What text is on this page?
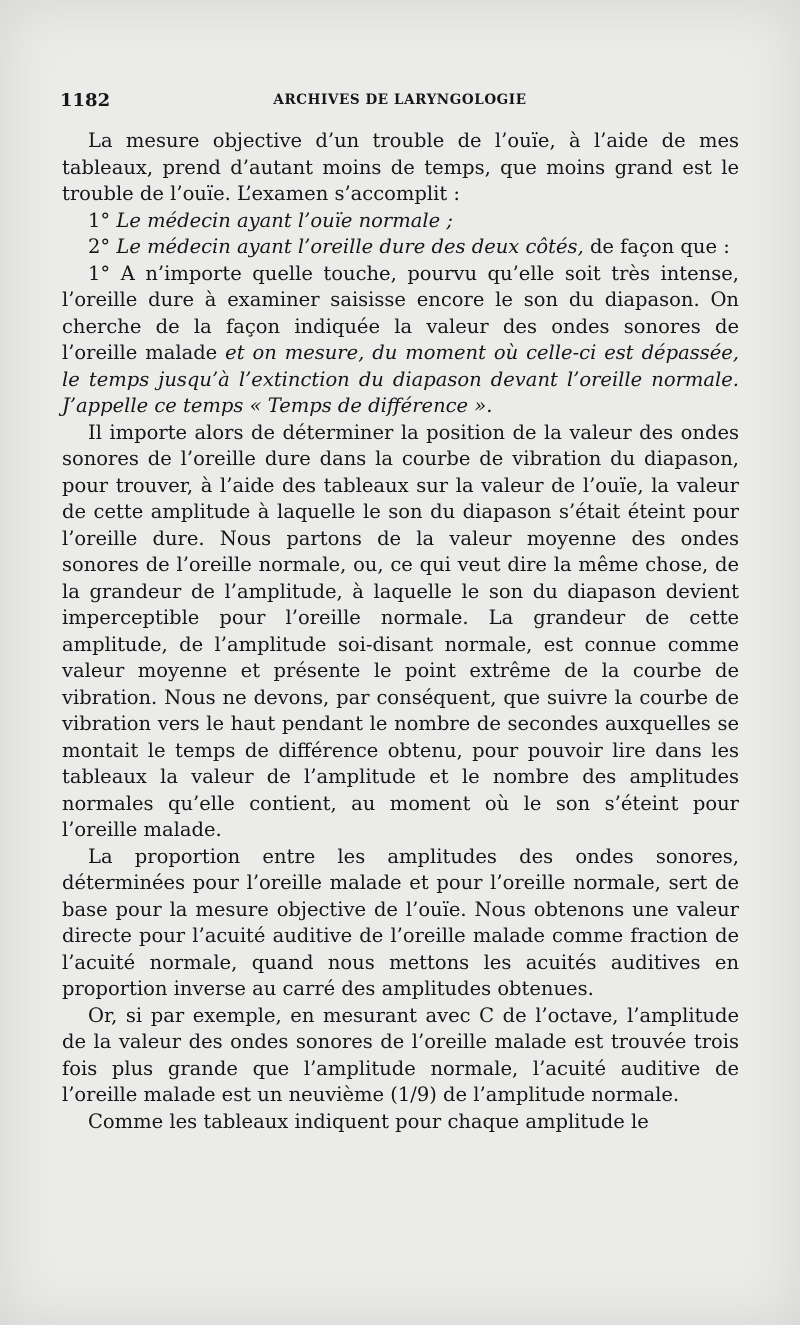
1182	ARCHIVES DE LARYNGOLOGIE

La mesure objective d’un trouble de l’ouïe, à l’aide de mes tableaux, prend d’autant moins de temps, que moins grand est le trouble de l’ouïe. L’examen s’accomplit :

1° Le médecin ayant l’ouïe normale ;

2° Le médecin ayant l’oreille dure des deux côtés, de façon que :

1° A n’importe quelle touche, pourvu qu’elle soit très intense, l’oreille dure à examiner saisisse encore le son du diapason. On cherche de la façon indiquée la valeur des ondes sonores de l’oreille malade et on mesure, du moment où celle-ci est dépassée, le temps jusqu’à l’extinction du diapason devant l’oreille normale. J’appelle ce temps « Temps de différence ».

Il importe alors de déterminer la position de la valeur des ondes sonores de l’oreille dure dans la courbe de vibration du diapason, pour trouver, à l’aide des tableaux sur la valeur de l’ouïe, la valeur de cette amplitude à laquelle le son du diapason s’était éteint pour l’oreille dure. Nous partons de la valeur moyenne des ondes sonores de l’oreille normale, ou, ce qui veut dire la même chose, de la grandeur de l’amplitude, à laquelle le son du diapason devient imperceptible pour l’oreille normale. La grandeur de cette amplitude, de l’amplitude soi-disant normale, est connue comme valeur moyenne et présente le point extrême de la courbe de vibration. Nous ne devons, par conséquent, que suivre la courbe de vibration vers le haut pendant le nombre de secondes auxquelles se montait le temps de différence obtenu, pour pouvoir lire dans les tableaux la valeur de l’amplitude et le nombre des amplitudes normales qu’elle contient, au moment où le son s’éteint pour l’oreille malade.

La proportion entre les amplitudes des ondes sonores, déterminées pour l’oreille malade et pour l’oreille normale, sert de base pour la mesure objective de l’ouïe. Nous obtenons une valeur directe pour l’acuité auditive de l’oreille malade comme fraction de l’acuité normale, quand nous mettons les acuités auditives en proportion inverse au carré des amplitudes obtenues.

Or, si par exemple, en mesurant avec C de l’octave, l’amplitude de la valeur des ondes sonores de l’oreille malade est trouvée trois fois plus grande que l’amplitude normale, l’acuité auditive de l’oreille malade est un neuvième (1/9) de l’amplitude normale.

Comme les tableaux indiquent pour chaque amplitude le
